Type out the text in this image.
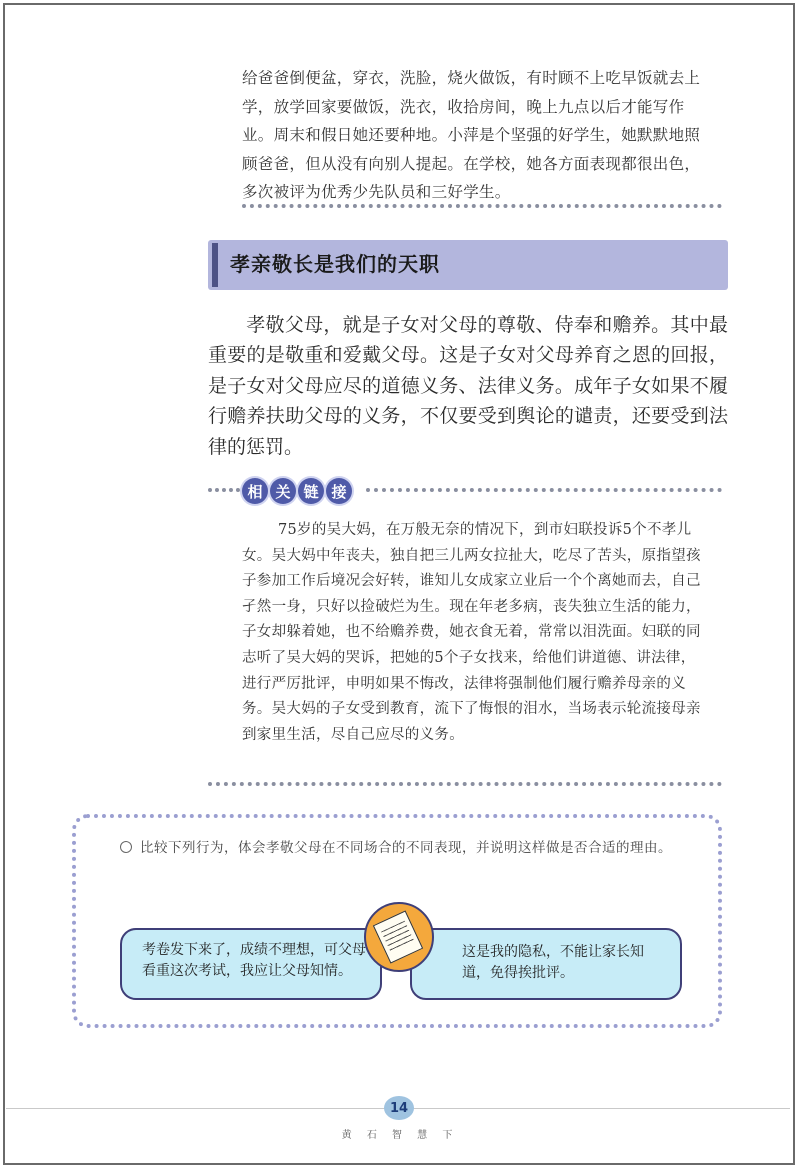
给爸爸倒便盆，穿衣，洗脸，烧火做饭，有时顾不上吃早饭就去上学，放学回家要做饭，洗衣，收拾房间，晚上九点以后才能写作业。周末和假日她还要种地。小萍是个坚强的好学生，她默默地照顾爸爸，但从没有向别人提起。在学校，她各方面表现都很出色，多次被评为优秀少先队员和三好学生。
孝亲敬长是我们的天职
孝敬父母，就是子女对父母的尊敬、侍奉和赡养。其中最重要的是敬重和爱戴父母。这是子女对父母养育之恩的回报，是子女对父母应尽的道德义务、法律义务。成年子女如果不履行赡养扶助父母的义务，不仅要受到舆论的谴责，还要受到法律的惩罚。
相 关 链 接
75岁的吴大妈，在万般无奈的情况下，到市妇联投诉5个不孝儿女。吴大妈中年丧夫，独自把三儿两女拉扯大，吃尽了苦头，原指望孩子参加工作后境况会好转，谁知儿女成家立业后一个个离她而去，自己孑然一身，只好以捡破烂为生。现在年老多病，丧失独立生活的能力，子女却躲着她，也不给赡养费，她衣食无着，常常以泪洗面。妇联的同志听了吴大妈的哭诉，把她的5个子女找来，给他们讲道德、讲法律，进行严厉批评，申明如果不悔改，法律将强制他们履行赡养母亲的义务。吴大妈的子女受到教育，流下了悔恨的泪水，当场表示轮流接母亲到家里生活，尽自己应尽的义务。
比较下列行为，体会孝敬父母在不同场合的不同表现，并说明这样做是否合适的理由。
考卷发下来了，成绩不理想，可父母看重这次考试，我应让父母知情。
这是我的隐私，不能让家长知道，免得挨批评。
14
黄 石 智 慧 下
